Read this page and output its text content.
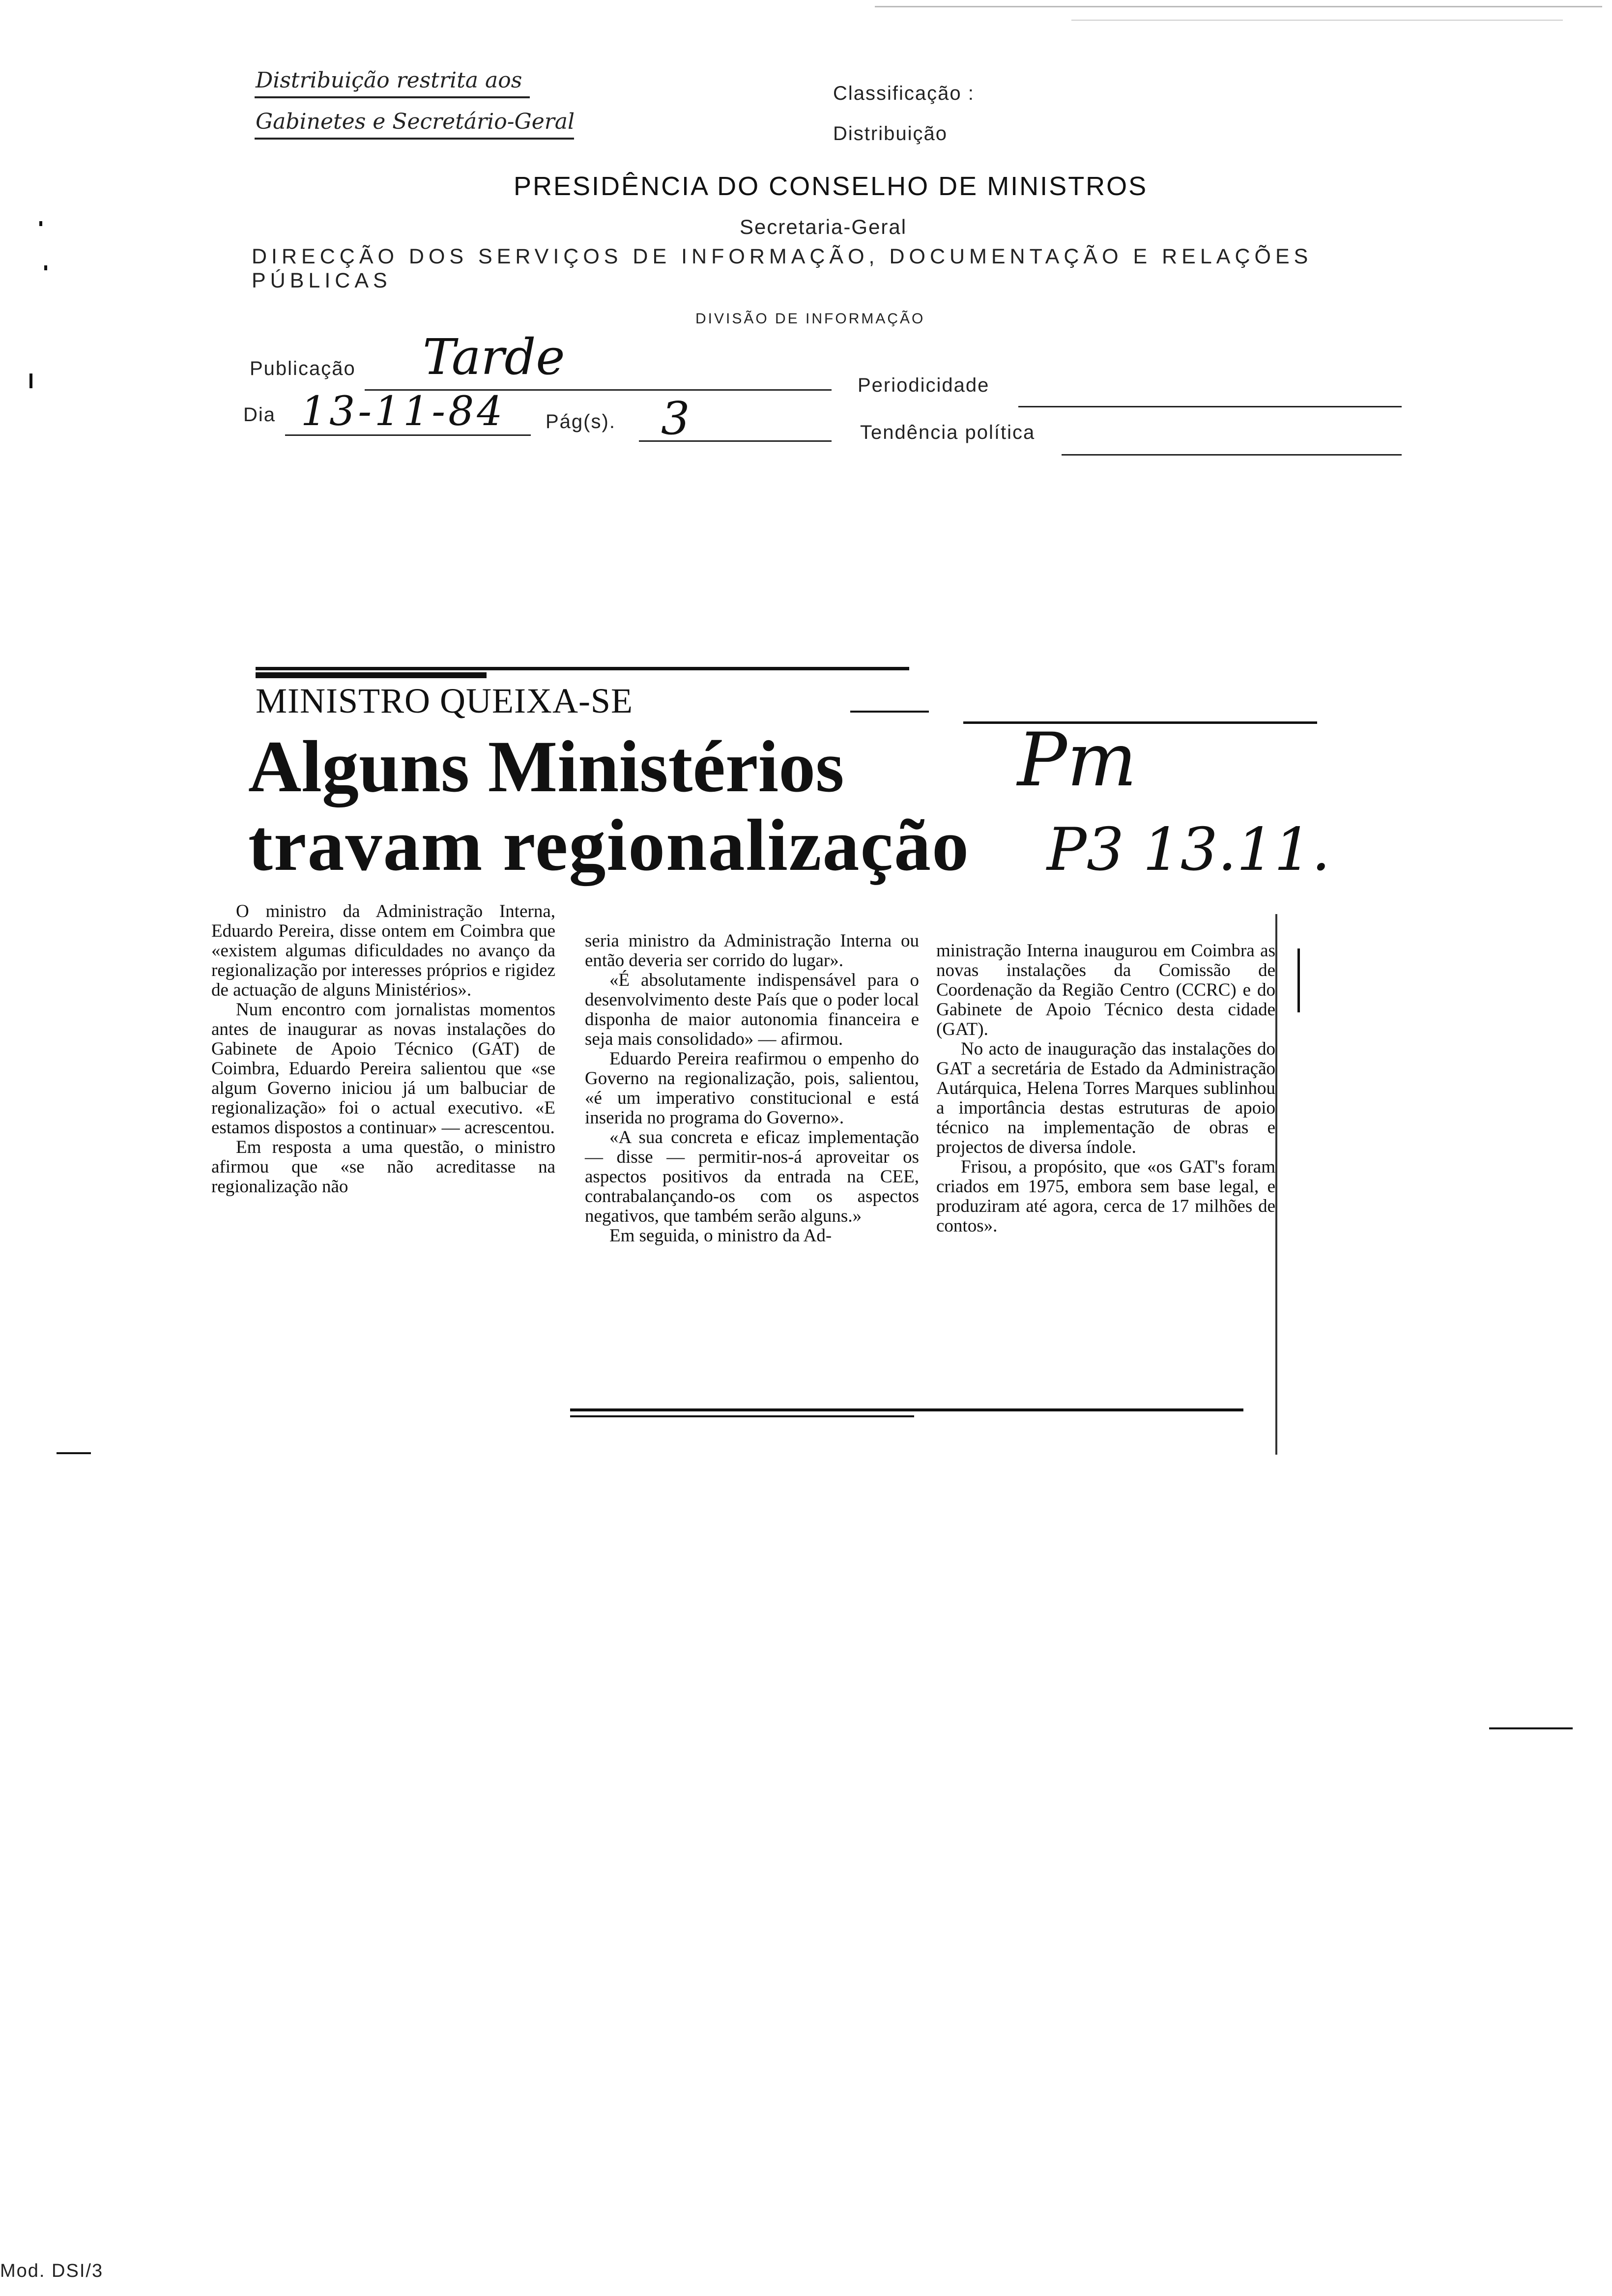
Distribuição restrita aos
Gabinetes e Secretário-Geral
Classificação :
Distribuição
PRESIDÊNCIA DO CONSELHO DE MINISTROS
Secretaria-Geral
DIRECÇÃO DOS SERVIÇOS DE INFORMAÇÃO, DOCUMENTAÇÃO E RELAÇÕES PÚBLICAS
DIVISÃO DE INFORMAÇÃO
Publicação Tarde	Periodicidade
Dia 13-11-84 Pág(s). 3	Tendência política
MINISTRO QUEIXA-SE
Alguns Ministérios
travam regionalização
Pm
P3 13.11.

O ministro da Administração Interna, Eduardo Pereira, disse ontem em Coimbra que «existem algumas dificuldades no avanço da regionalização por interesses próprios e rigidez de actuação de alguns Ministérios».

Num encontro com jornalistas momentos antes de inaugurar as novas instalações do Gabinete de Apoio Técnico (GAT) de Coimbra, Eduardo Pereira salientou que «se algum Governo iniciou já um balbuciar de regionalização» foi o actual executivo. «E estamos dispostos a continuar» — acrescentou.

Em resposta a uma questão, o ministro afirmou que «se não acreditasse na regionalização não

seria ministro da Administração Interna ou então deveria ser corrido do lugar».

«É absolutamente indispensável para o desenvolvimento deste País que o poder local disponha de maior autonomia financeira e seja mais consolidado» — afirmou.

Eduardo Pereira reafirmou o empenho do Governo na regionalização, pois, salientou, «é um imperativo constitucional e está inserida no programa do Governo».

«A sua concreta e eficaz implementação — disse — permitir-nos-á aproveitar os aspectos positivos da entrada na CEE, contrabalançando-os com os aspectos negativos, que também serão alguns.»

Em seguida, o ministro da Ad-

ministração Interna inaugurou em Coimbra as novas instalações da Comissão de Coordenação da Região Centro (CCRC) e do Gabinete de Apoio Técnico desta cidade (GAT).

No acto de inauguração das instalações do GAT a secretária de Estado da Administração Autárquica, Helena Torres Marques sublinhou a importância destas estruturas de apoio técnico na implementação de obras e projectos de diversa índole.

Frisou, a propósito, que «os GAT's foram criados em 1975, embora sem base legal, e produziram até agora, cerca de 17 milhões de contos».

Mod. DSI/3
